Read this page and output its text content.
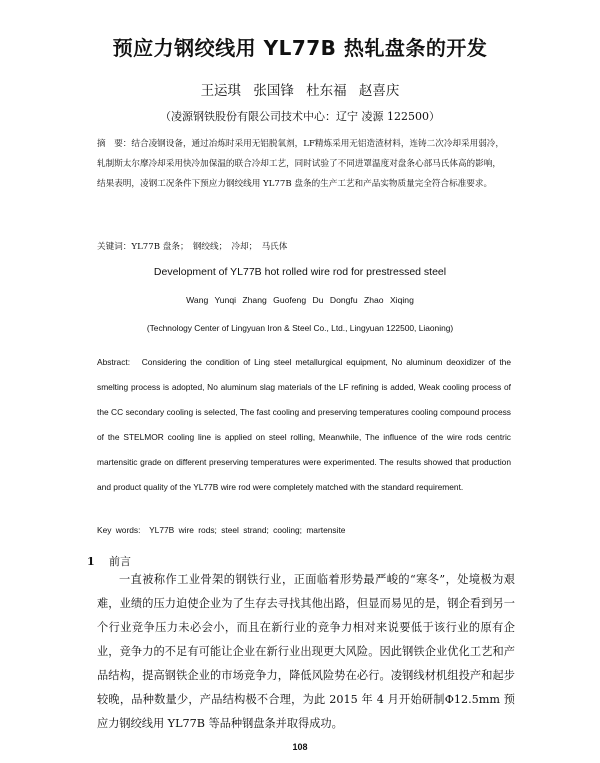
预应力钢绞线用 YL77B 热轧盘条的开发
王运琪 张国锋 杜东福 赵喜庆
（凌源钢铁股份有限公司技术中心：辽宁 凌源 122500）
摘　要：结合凌钢设备，通过冶炼时采用无铝脱氧剂，LF精炼采用无铝造渣材料，连铸二次冷却采用弱冷，轧制斯太尔摩冷却采用快冷加保温的联合冷却工艺，同时试验了不同进罩温度对盘条心部马氏体高的影响，结果表明，凌钢工况条件下预应力钢绞线用 YL77B 盘条的生产工艺和产品实物质量完全符合标准要求。
关键词：YL77B 盘条；　钢绞线；　冷却；　马氏体
Development of YL77B hot rolled wire rod for prestressed steel
Wang Yunqi Zhang Guofeng Du Dongfu Zhao Xiqing
(Technology Center of Lingyuan Iron & Steel Co., Ltd., Lingyuan 122500, Liaoning)
Abstract: Considering the condition of Ling steel metallurgical equipment, No aluminum deoxidizer of the smelting process is adopted, No aluminum slag materials of the LF refining is added, Weak cooling process of the CC secondary cooling is selected, The fast cooling and preserving temperatures cooling compound process of the STELMOR cooling line is applied on steel rolling, Meanwhile, The influence of the wire rods centric martensitic grade on different preserving temperatures were experimented. The results showed that production and product quality of the YL77B wire rod were completely matched with the standard requirement.
Key words: YL77B wire rods; steel strand; cooling; martensite
1 前言
一直被称作工业骨架的钢铁行业，正面临着形势最严峻的“寒冬”，处境极为艰难，业绩的压力迫使企业为了生存去寻找其他出路，但显而易见的是，钢企看到另一个行业竞争压力未必会小，而且在新行业的竞争力相对来说要低于该行业的原有企业，竞争力的不足有可能让企业在新行业出现更大风险。因此钢铁企业优化工艺和产品结构，提高钢铁企业的市场竞争力，降低风险势在必行。凌钢线材机组投产和起步较晚，品种数量少，产品结构极不合理，为此 2015 年 4 月开始研制Φ12.5mm 预应力钢绞线用 YL77B 等品种钢盘条并取得成功。
108
